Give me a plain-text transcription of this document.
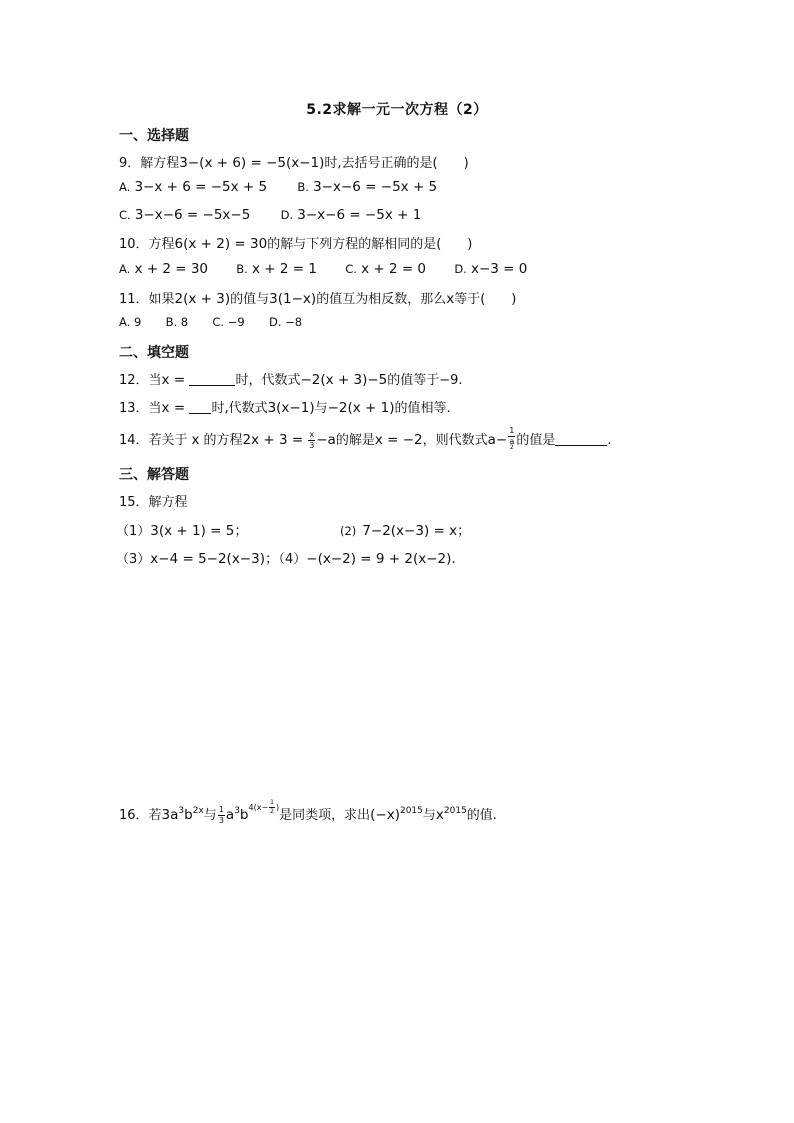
5.2求解一元一次方程（2）
一、选择题
9．解方程3−(x + 6) = −5(x−1)时,去括号正确的是(　　)
A. 3−x + 6 = −5x + 5	B. 3−x−6 = −5x + 5
C. 3−x−6 = −5x−5	D. 3−x−6 = −5x + 1
10．方程6(x + 2) = 30的解与下列方程的解相同的是(　　)
A. x + 2 = 30 B. x + 2 = 1 C. x + 2 = 0 D. x−3 = 0
11．如果2(x + 3)的值与3(1−x)的值互为相反数，那么x等于(　　)
A. 9 B. 8 C. −9 D. −8
二、填空题
12．当x =	时，代数式−2(x + 3)−5的值等于−9.
13．当x = 时,代数式3(x−1)与−2(x + 1)的值相等.
14．若关于 x 的方程$2x + 3 = \frac{x}{3} -a$的解是x = −2，则代数式a− 1
a
$^2$ 的值是	.
三、解答题
15．解方程
（1）3(x + 1) = 5；	(2) 7−2(x−3) = x；
（3）x−4 = 5−2(x−3)；（4）−(x−2) = 9 + 2(x−2).
16．若$3a^3b^{2x}$与 $\frac{1}{3} a^3b^{4(x- \frac{1}{2} )}$是同类项，求出$(-x)^{2015}$与$x^{2015}$的值.
